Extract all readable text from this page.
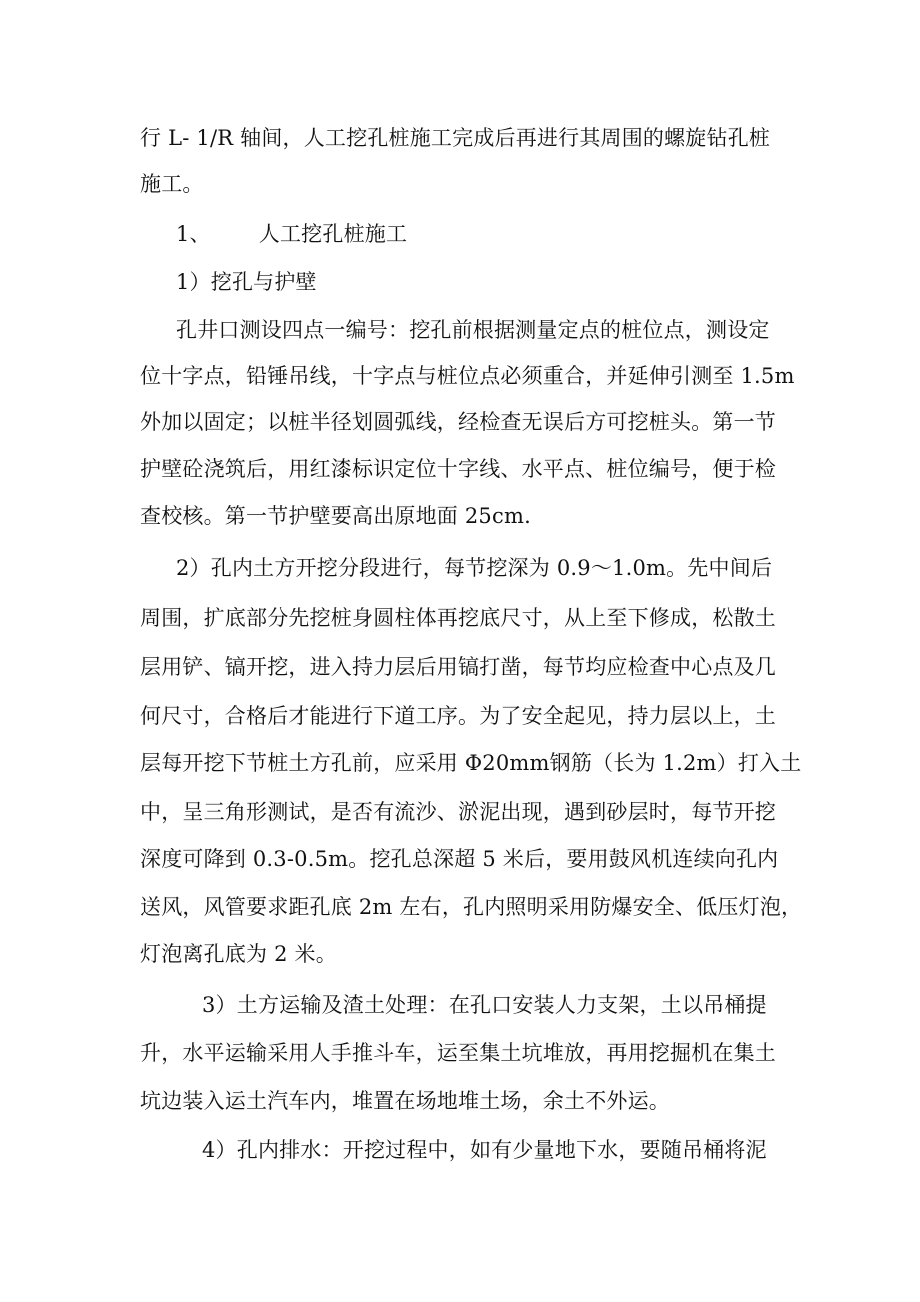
行 L- 1/R 轴间，人工挖孔桩施工完成后再进行其周围的螺旋钻孔桩
施工。
1、 人工挖孔桩施工
1）挖孔与护壁
孔井口测设四点一编号：挖孔前根据测量定点的桩位点，测设定
位十字点，铅锤吊线，十字点与桩位点必须重合，并延伸引测至 1.5m
外加以固定；以桩半径划圆弧线，经检查无误后方可挖桩头。第一节
护壁砼浇筑后，用红漆标识定位十字线、水平点、桩位编号，便于检
查校核。第一节护壁要高出原地面 25cm.
2）孔内土方开挖分段进行，每节挖深为 0.9～1.0m。先中间后
周围，扩底部分先挖桩身圆柱体再挖底尺寸，从上至下修成，松散土
层用铲、镐开挖，进入持力层后用镐打凿，每节均应检查中心点及几
何尺寸，合格后才能进行下道工序。为了安全起见，持力层以上，土
层每开挖下节桩土方孔前，应采用 Φ20mm钢筋（长为 1.2m）打入土
中，呈三角形测试，是否有流沙、淤泥出现，遇到砂层时，每节开挖
深度可降到 0.3-0.5m。挖孔总深超 5 米后，要用鼓风机连续向孔内
送风，风管要求距孔底 2m 左右，孔内照明采用防爆安全、低压灯泡，
灯泡离孔底为 2 米。
3）土方运输及渣土处理：在孔口安装人力支架，土以吊桶提
升，水平运输采用人手推斗车，运至集土坑堆放，再用挖掘机在集土
坑边装入运土汽车内，堆置在场地堆土场，余土不外运。
4）孔内排水：开挖过程中，如有少量地下水，要随吊桶将泥
